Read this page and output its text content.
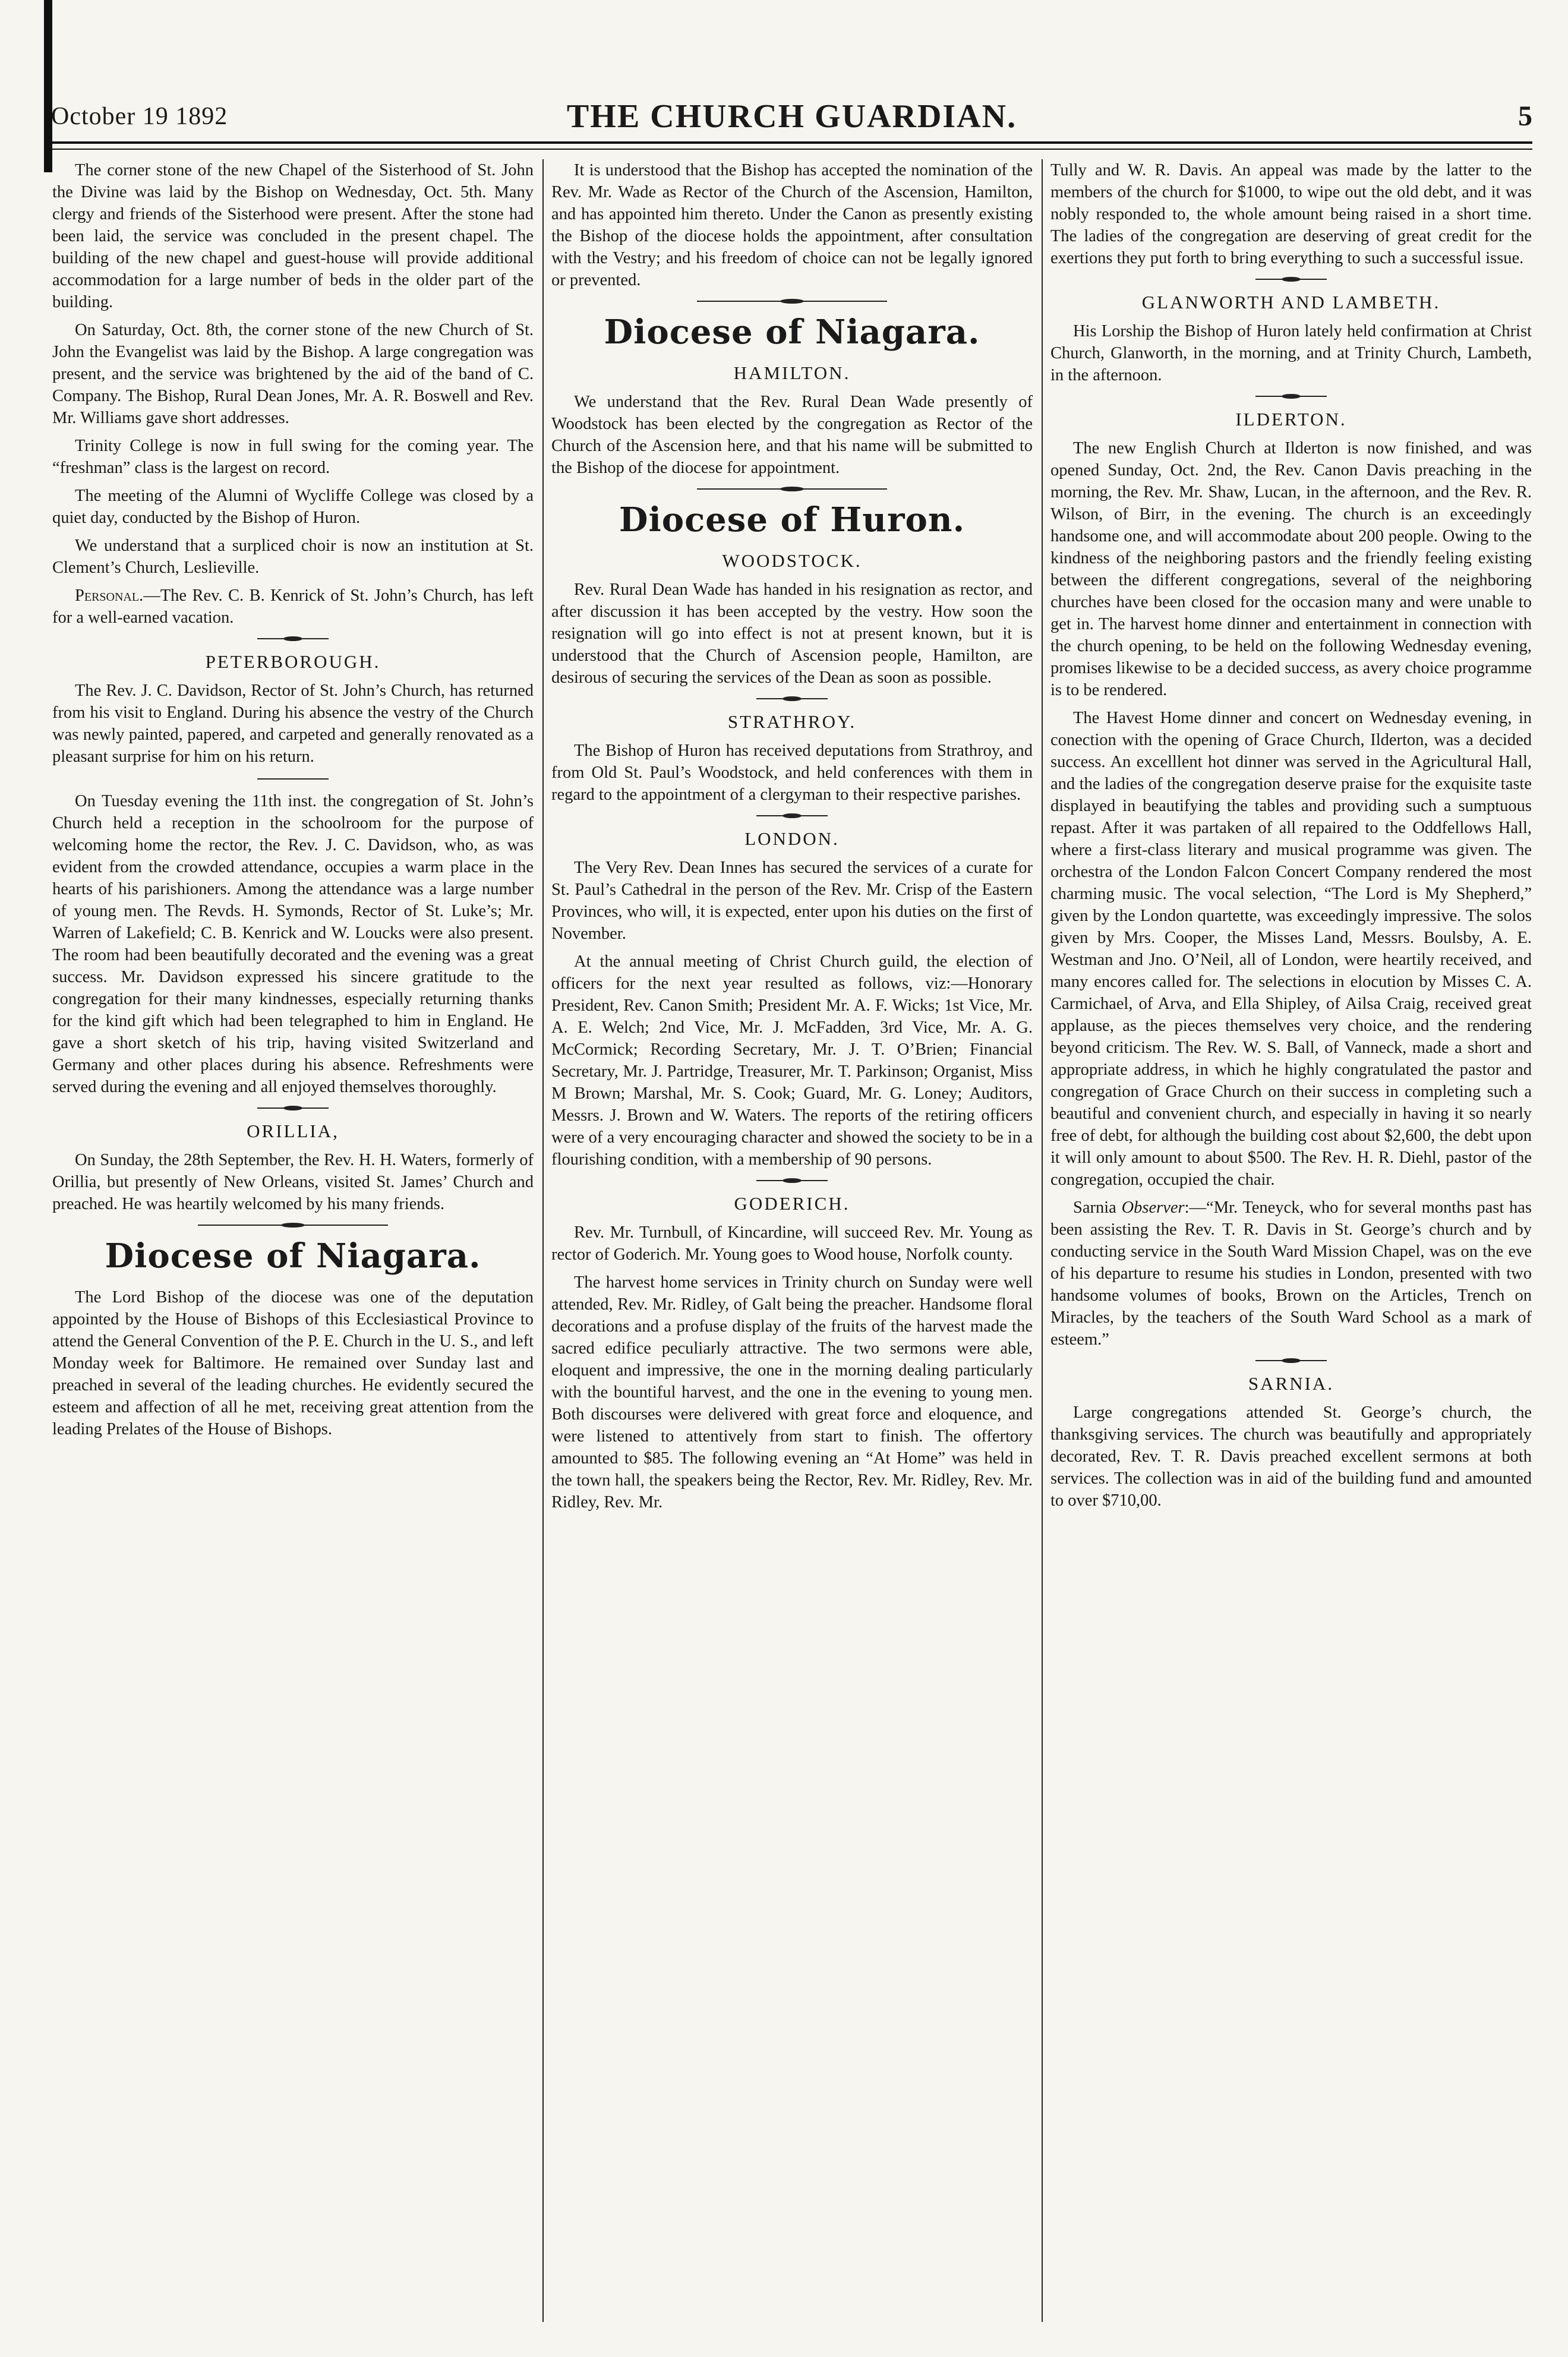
October 19 1892	THE CHURCH GUARDIAN.	5

The corner stone of the new Chapel of the Sisterhood of St. John the Divine was laid by the Bishop on Wednesday, Oct. 5th. Many clergy and friends of the Sisterhood were present. After the stone had been laid, the service was concluded in the present chapel. The building of the new chapel and guest-house will provide additional accommodation for a large number of beds in the older part of the building.

On Saturday, Oct. 8th, the corner stone of the new Church of St. John the Evangelist was laid by the Bishop. A large congregation was present, and the service was brightened by the aid of the band of C. Company. The Bishop, Rural Dean Jones, Mr. A. R. Boswell and Rev. Mr. Williams gave short addresses.

Trinity College is now in full swing for the coming year. The “freshman” class is the largest on record.

The meeting of the Alumni of Wycliffe College was closed by a quiet day, conducted by the Bishop of Huron.

We understand that a surpliced choir is now an institution at St. Clement’s Church, Leslieville.

Personal.—The Rev. C. B. Kenrick of St. John’s Church, has left for a well-earned vacation.

PETERBOROUGH.

The Rev. J. C. Davidson, Rector of St. John’s Church, has returned from his visit to England. During his absence the vestry of the Church was newly painted, papered, and carpeted and generally renovated as a pleasant surprise for him on his return.

On Tuesday evening the 11th inst. the congregation of St. John’s Church held a reception in the schoolroom for the purpose of welcoming home the rector, the Rev. J. C. Davidson, who, as was evident from the crowded attendance, occupies a warm place in the hearts of his parishioners. Among the attendance was a large number of young men. The Revds. H. Symonds, Rector of St. Luke’s; Mr. Warren of Lakefield; C. B. Kenrick and W. Loucks were also present. The room had been beautifully decorated and the evening was a great success. Mr. Davidson expressed his sincere gratitude to the congregation for their many kindnesses, especially returning thanks for the kind gift which had been telegraphed to him in England. He gave a short sketch of his trip, having visited Switzerland and Germany and other places during his absence. Refreshments were served during the evening and all enjoyed themselves thoroughly.

ORILLIA,

On Sunday, the 28th September, the Rev. H. H. Waters, formerly of Orillia, but presently of New Orleans, visited St. James’ Church and preached. He was heartily welcomed by his many friends.

Diocese of Niagara.

The Lord Bishop of the diocese was one of the deputation appointed by the House of Bishops of this Ecclesiastical Province to attend the General Convention of the P. E. Church in the U. S., and left Monday week for Baltimore. He remained over Sunday last and preached in several of the leading churches. He evidently secured the esteem and affection of all he met, receiving great attention from the leading Prelates of the House of Bishops.

It is understood that the Bishop has accepted the nomination of the Rev. Mr. Wade as Rector of the Church of the Ascension, Hamilton, and has appointed him thereto. Under the Canon as presently existing the Bishop of the diocese holds the appointment, after consultation with the Vestry; and his freedom of choice can not be legally ignored or prevented.

Diocese of Niagara.
HAMILTON.

We understand that the Rev. Rural Dean Wade presently of Woodstock has been elected by the congregation as Rector of the Church of the Ascension here, and that his name will be submitted to the Bishop of the diocese for appointment.

Diocese of Huron.
WOODSTOCK.

Rev. Rural Dean Wade has handed in his resignation as rector, and after discussion it has been accepted by the vestry. How soon the resignation will go into effect is not at present known, but it is understood that the Church of Ascension people, Hamilton, are desirous of securing the services of the Dean as soon as possible.

STRATHROY.

The Bishop of Huron has received deputations from Strathroy, and from Old St. Paul’s Woodstock, and held conferences with them in regard to the appointment of a clergyman to their respective parishes.

LONDON.

The Very Rev. Dean Innes has secured the services of a curate for St. Paul’s Cathedral in the person of the Rev. Mr. Crisp of the Eastern Provinces, who will, it is expected, enter upon his duties on the first of November.

At the annual meeting of Christ Church guild, the election of officers for the next year resulted as follows, viz:—Honorary President, Rev. Canon Smith; President Mr. A. F. Wicks; 1st Vice, Mr. A. E. Welch; 2nd Vice, Mr. J. McFadden, 3rd Vice, Mr. A. G. McCormick; Recording Secretary, Mr. J. T. O’Brien; Financial Secretary, Mr. J. Partridge, Treasurer, Mr. T. Parkinson; Organist, Miss M Brown; Marshal, Mr. S. Cook; Guard, Mr. G. Loney; Auditors, Messrs. J. Brown and W. Waters. The reports of the retiring officers were of a very encouraging character and showed the society to be in a flourishing condition, with a membership of 90 persons.

GODERICH.

Rev. Mr. Turnbull, of Kincardine, will succeed Rev. Mr. Young as rector of Goderich. Mr. Young goes to Wood house, Norfolk county.

The harvest home services in Trinity church on Sunday were well attended, Rev. Mr. Ridley, of Galt being the preacher. Handsome floral decorations and a profuse display of the fruits of the harvest made the sacred edifice peculiarly attractive. The two sermons were able, eloquent and impressive, the one in the morning dealing particularly with the bountiful harvest, and the one in the evening to young men. Both discourses were delivered with great force and eloquence, and were listened to attentively from start to finish. The offertory amounted to $85. The following evening an “At Home” was held in the town hall, the speakers being the Rector, Rev. Mr. Ridley, Rev. Mr. Ridley, Rev. Mr.

Tully and W. R. Davis. An appeal was made by the latter to the members of the church for $1000, to wipe out the old debt, and it was nobly responded to, the whole amount being raised in a short time. The ladies of the congregation are deserving of great credit for the exertions they put forth to bring everything to such a successful issue.

GLANWORTH AND LAMBETH.

His Lorship the Bishop of Huron lately held confirmation at Christ Church, Glanworth, in the morning, and at Trinity Church, Lambeth, in the afternoon.

ILDERTON.

The new English Church at Ilderton is now finished, and was opened Sunday, Oct. 2nd, the Rev. Canon Davis preaching in the morning, the Rev. Mr. Shaw, Lucan, in the afternoon, and the Rev. R. Wilson, of Birr, in the evening. The church is an exceedingly handsome one, and will accommodate about 200 people. Owing to the kindness of the neighboring pastors and the friendly feeling existing between the different congregations, several of the neighboring churches have been closed for the occasion many and were unable to get in. The harvest home dinner and entertainment in connection with the church opening, to be held on the following Wednesday evening, promises likewise to be a decided success, as avery choice programme is to be rendered.

The Havest Home dinner and concert on Wednesday evening, in conection with the opening of Grace Church, Ilderton, was a decided success. An excelllent hot dinner was served in the Agricultural Hall, and the ladies of the congregation deserve praise for the exquisite taste displayed in beautifying the tables and providing such a sumptuous repast. After it was partaken of all repaired to the Oddfellows Hall, where a first-class literary and musical programme was given. The orchestra of the London Falcon Concert Company rendered the most charming music. The vocal selection, “The Lord is My Shepherd,” given by the London quartette, was exceedingly impressive. The solos given by Mrs. Cooper, the Misses Land, Messrs. Boulsby, A. E. Westman and Jno. O’Neil, all of London, were heartily received, and many encores called for. The selections in elocution by Misses C. A. Carmichael, of Arva, and Ella Shipley, of Ailsa Craig, received great applause, as the pieces themselves very choice, and the rendering beyond criticism. The Rev. W. S. Ball, of Vanneck, made a short and appropriate address, in which he highly congratulated the pastor and congregation of Grace Church on their success in completing such a beautiful and convenient church, and especially in having it so nearly free of debt, for although the building cost about $2,600, the debt upon it will only amount to about $500. The Rev. H. R. Diehl, pastor of the congregation, occupied the chair.

Sarnia Observer:—“Mr. Teneyck, who for several months past has been assisting the Rev. T. R. Davis in St. George’s church and by conducting service in the South Ward Mission Chapel, was on the eve of his departure to resume his studies in London, presented with two handsome volumes of books, Brown on the Articles, Trench on Miracles, by the teachers of the South Ward School as a mark of esteem.”

SARNIA.

Large congregations attended St. George’s church, the thanksgiving services. The church was beautifully and appropriately decorated, Rev. T. R. Davis preached excellent sermons at both services. The collection was in aid of the building fund and amounted to over $710,00.
